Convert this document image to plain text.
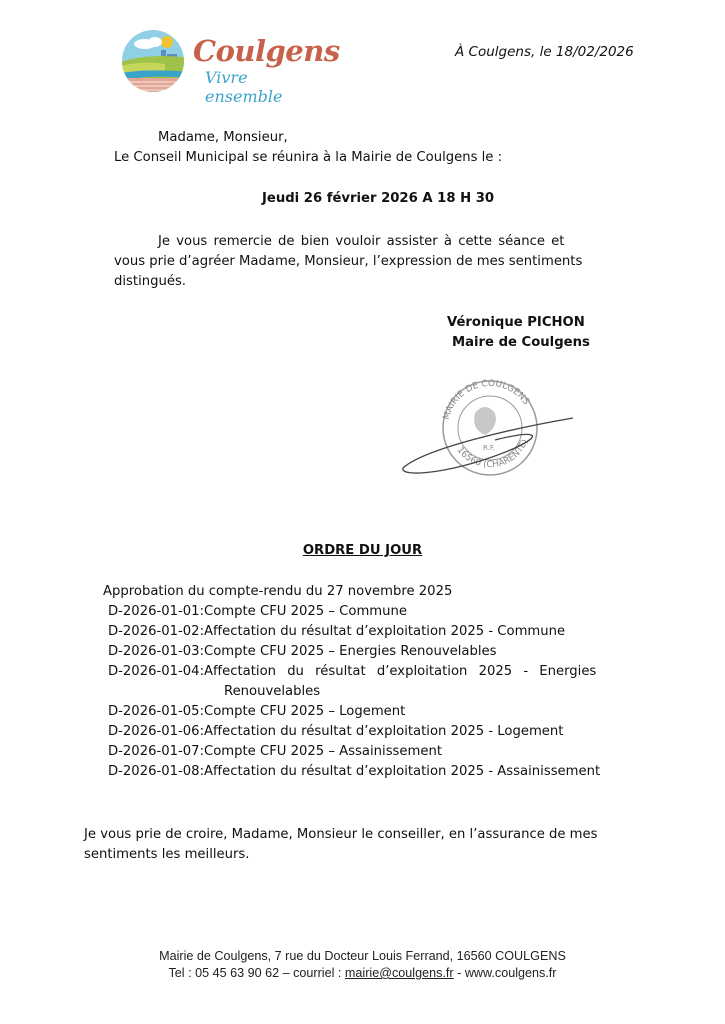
Coulgens
Vivre ensemble
À Coulgens, le 18/02/2026
Madame, Monsieur,
Le Conseil Municipal se réunira à la Mairie de Coulgens le :
Jeudi 26 février 2026 A 18 H 30
Je vous remercie de bien vouloir assister à cette séance et
vous prie d’agréer Madame, Monsieur, l’expression de mes sentiments
distingués.
Véronique PICHON
Maire de Coulgens
MAIRIE DE COULGENS
16560 (CHARENTE)
R.F.
ORDRE DU JOUR
Approbation du compte-rendu du 27 novembre 2025
D-2026-01-01:Compte CFU 2025 – Commune
D-2026-01-02:Affectation du résultat d’exploitation 2025 - Commune
D-2026-01-03:Compte CFU 2025 – Energies Renouvelables
D-2026-01-04:Affectation du résultat d’exploitation 2025 - Energies
Renouvelables
D-2026-01-05:Compte CFU 2025 – Logement
D-2026-01-06:Affectation du résultat d’exploitation 2025 - Logement
D-2026-01-07:Compte CFU 2025 – Assainissement
D-2026-01-08:Affectation du résultat d’exploitation 2025 - Assainissement
Je vous prie de croire, Madame, Monsieur le conseiller, en l’assurance de mes
sentiments les meilleurs.
Mairie de Coulgens, 7 rue du Docteur Louis Ferrand, 16560 COULGENS
Tel : 05 45 63 90 62 – courriel : mairie@coulgens.fr - www.coulgens.fr
